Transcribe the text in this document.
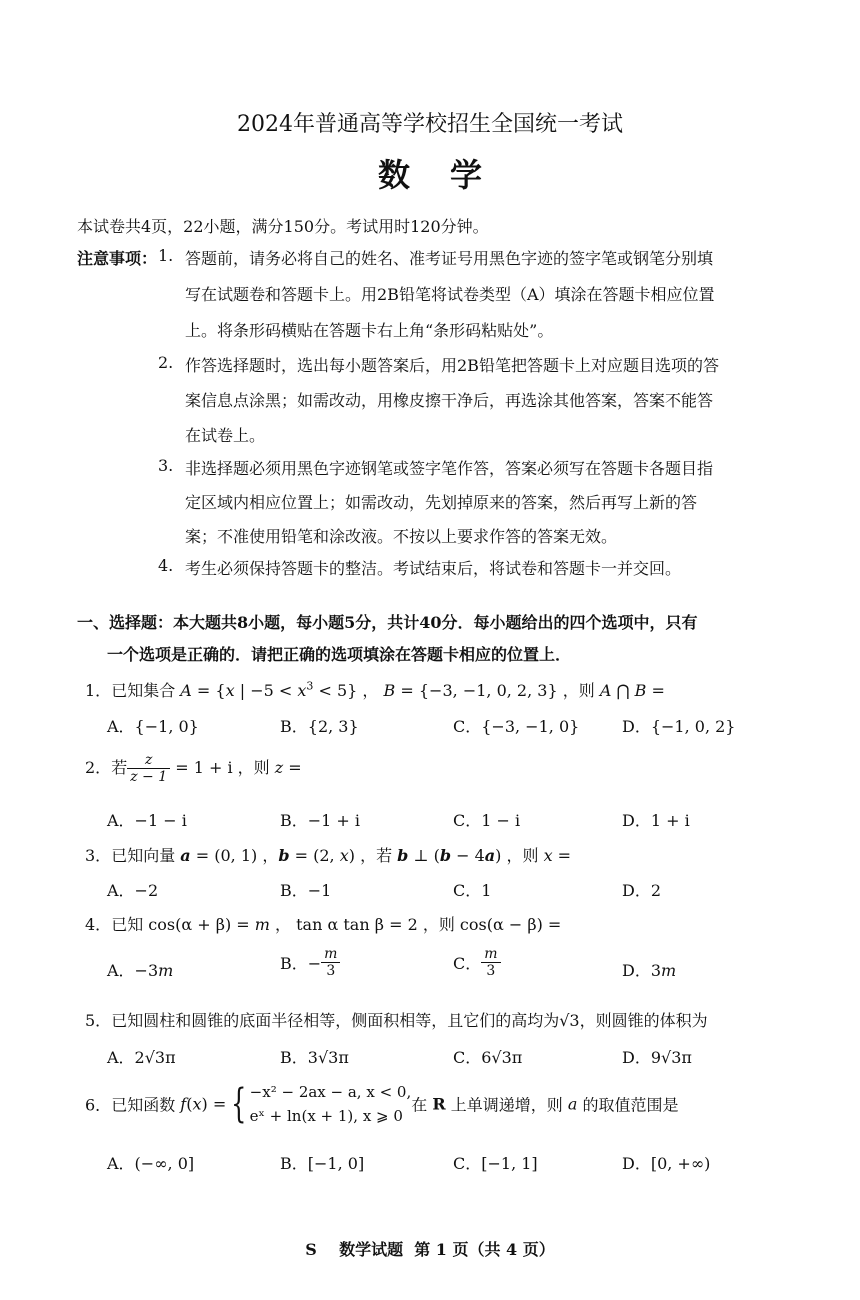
2024年普通高等学校招生全国统一考试
数学
本试卷共4页，22小题，满分150分。考试用时120分钟。
注意事项： 1. 答题前，请务必将自己的姓名、准考证号用黑色字迹的签字笔或钢笔分别填
写在试题卷和答题卡上。用2B铅笔将试卷类型（A）填涂在答题卡相应位置
上。将条形码横贴在答题卡右上角“条形码粘贴处”。
2. 作答选择题时，选出每小题答案后，用2B铅笔把答题卡上对应题目选项的答
案信息点涂黑；如需改动，用橡皮擦干净后，再选涂其他答案，答案不能答
在试卷上。
3. 非选择题必须用黑色字迹钢笔或签字笔作答，答案必须写在答题卡各题目指
定区域内相应位置上；如需改动，先划掉原来的答案，然后再写上新的答
案；不准使用铅笔和涂改液。不按以上要求作答的答案无效。
4. 考生必须保持答题卡的整洁。考试结束后，将试卷和答题卡一并交回。
一、选择题：本大题共8小题，每小题5分，共计40分．每小题给出的四个选项中，只有
一个选项是正确的．请把正确的选项填涂在答题卡相应的位置上．
1．已知集合 A = {x | $-5 < x^3 < 5$} ， B = {−3, −1, 0, 2, 3} ，则 A ⋂ B =
A．{−1, 0}	B．{2, 3}	C．{−3, −1, 0}	D．{−1, 0, 2}
2．若 $\frac{z}{z - 1} = 1 + i$ ，则 z =
A．−1 − i	B．−1 + i	C．1 − i	D．1 + i
3．已知向量 a = (0, 1) ，b = (2, x) ，若 b ⊥ (b − 4a) ，则 x =
A．−2	B．−1	C．1	D．2
4．已知 cos(α + β) = m ， tan α tan β = 2 ，则 cos(α − β) =
A．−3m	B．− $\frac{m}{3}$	C． $\frac{m}{3}$	D．3m
5．已知圆柱和圆锥的底面半径相等，侧面积相等，且它们的高均为√3，则圆锥的体积为
A．2√3π	B．3√3π	C．6√3π	D．9√3π
6．已知函数 f(x) = { −x² − 2ax − a, x < 0,
eˣ + ln(x + 1), x ⩾ 0
在 R 上单调递增，则 a 的取值范围是
A．(−∞, 0]	B．[−1, 0]	C．[−1, 1]	D．[0, +∞)
S    数学试题  第 1 页（共 4 页）
